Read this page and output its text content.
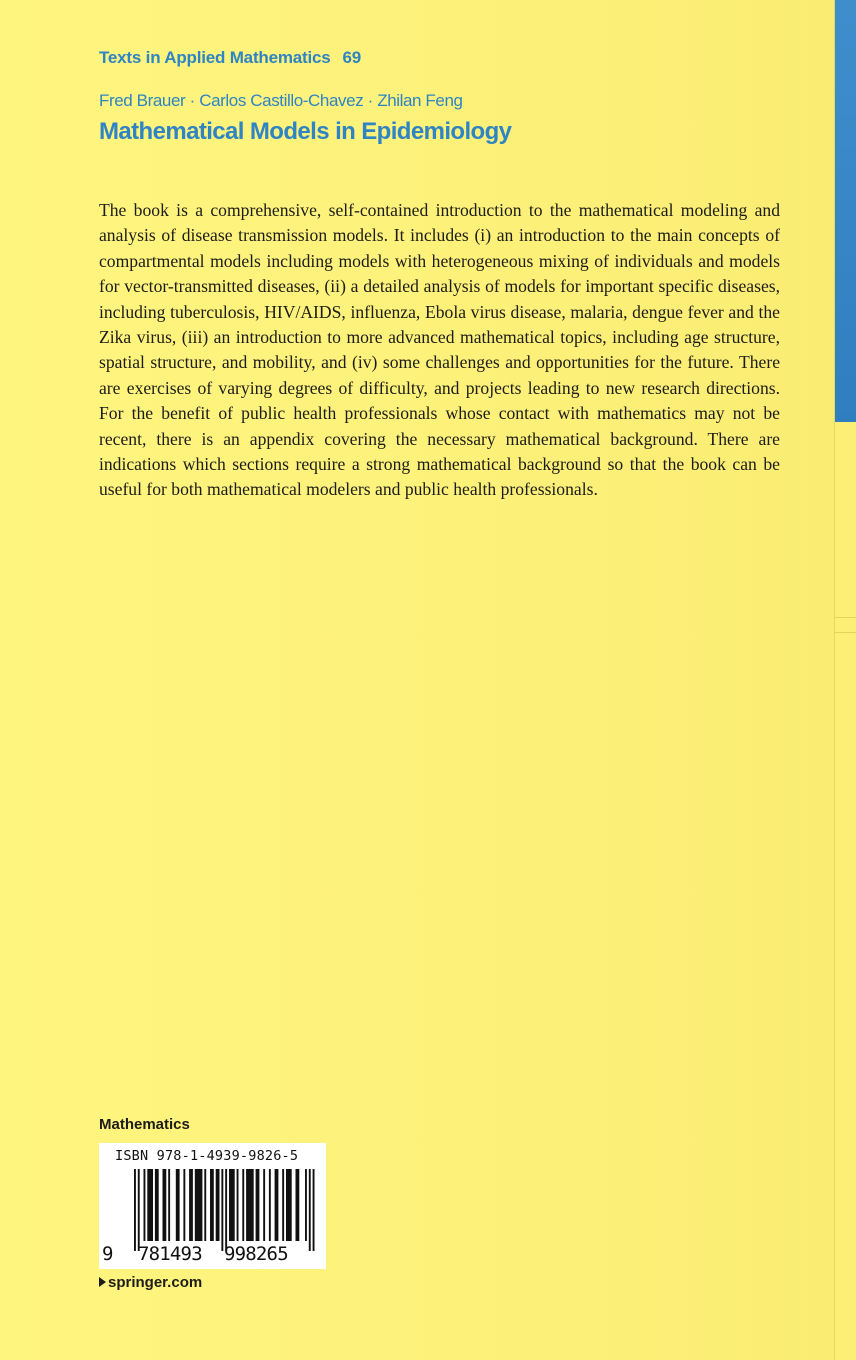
Texts in Applied Mathematics 69
Fred Brauer · Carlos Castillo-Chavez · Zhilan Feng
Mathematical Models in Epidemiology

The book is a comprehensive, self-contained introduction to the mathematical modeling and analysis of disease transmission models. It includes (i) an introduction to the main concepts of compartmental models including models with heterogeneous mixing of individuals and models for vector-transmitted diseases, (ii) a detailed analysis of models for important specific diseases, including tuberculosis, HIV/AIDS, influenza, Ebola virus disease, malaria, dengue fever and the Zika virus, (iii) an introduction to more advanced mathematical topics, including age structure, spatial structure, and mobility, and (iv) some challenges and opportunities for the future. There are exercises of varying degrees of difficulty, and projects leading to new research directions. For the benefit of public health professionals whose contact with mathematics may not be recent, there is an appendix covering the necessary mathematical background. There are indications which sections require a strong mathematical background so that the book can be useful for both mathematical modelers and public health professionals.

Mathematics
ISBN 978-1-4939-9826-5
9 781493 998265
springer.com
